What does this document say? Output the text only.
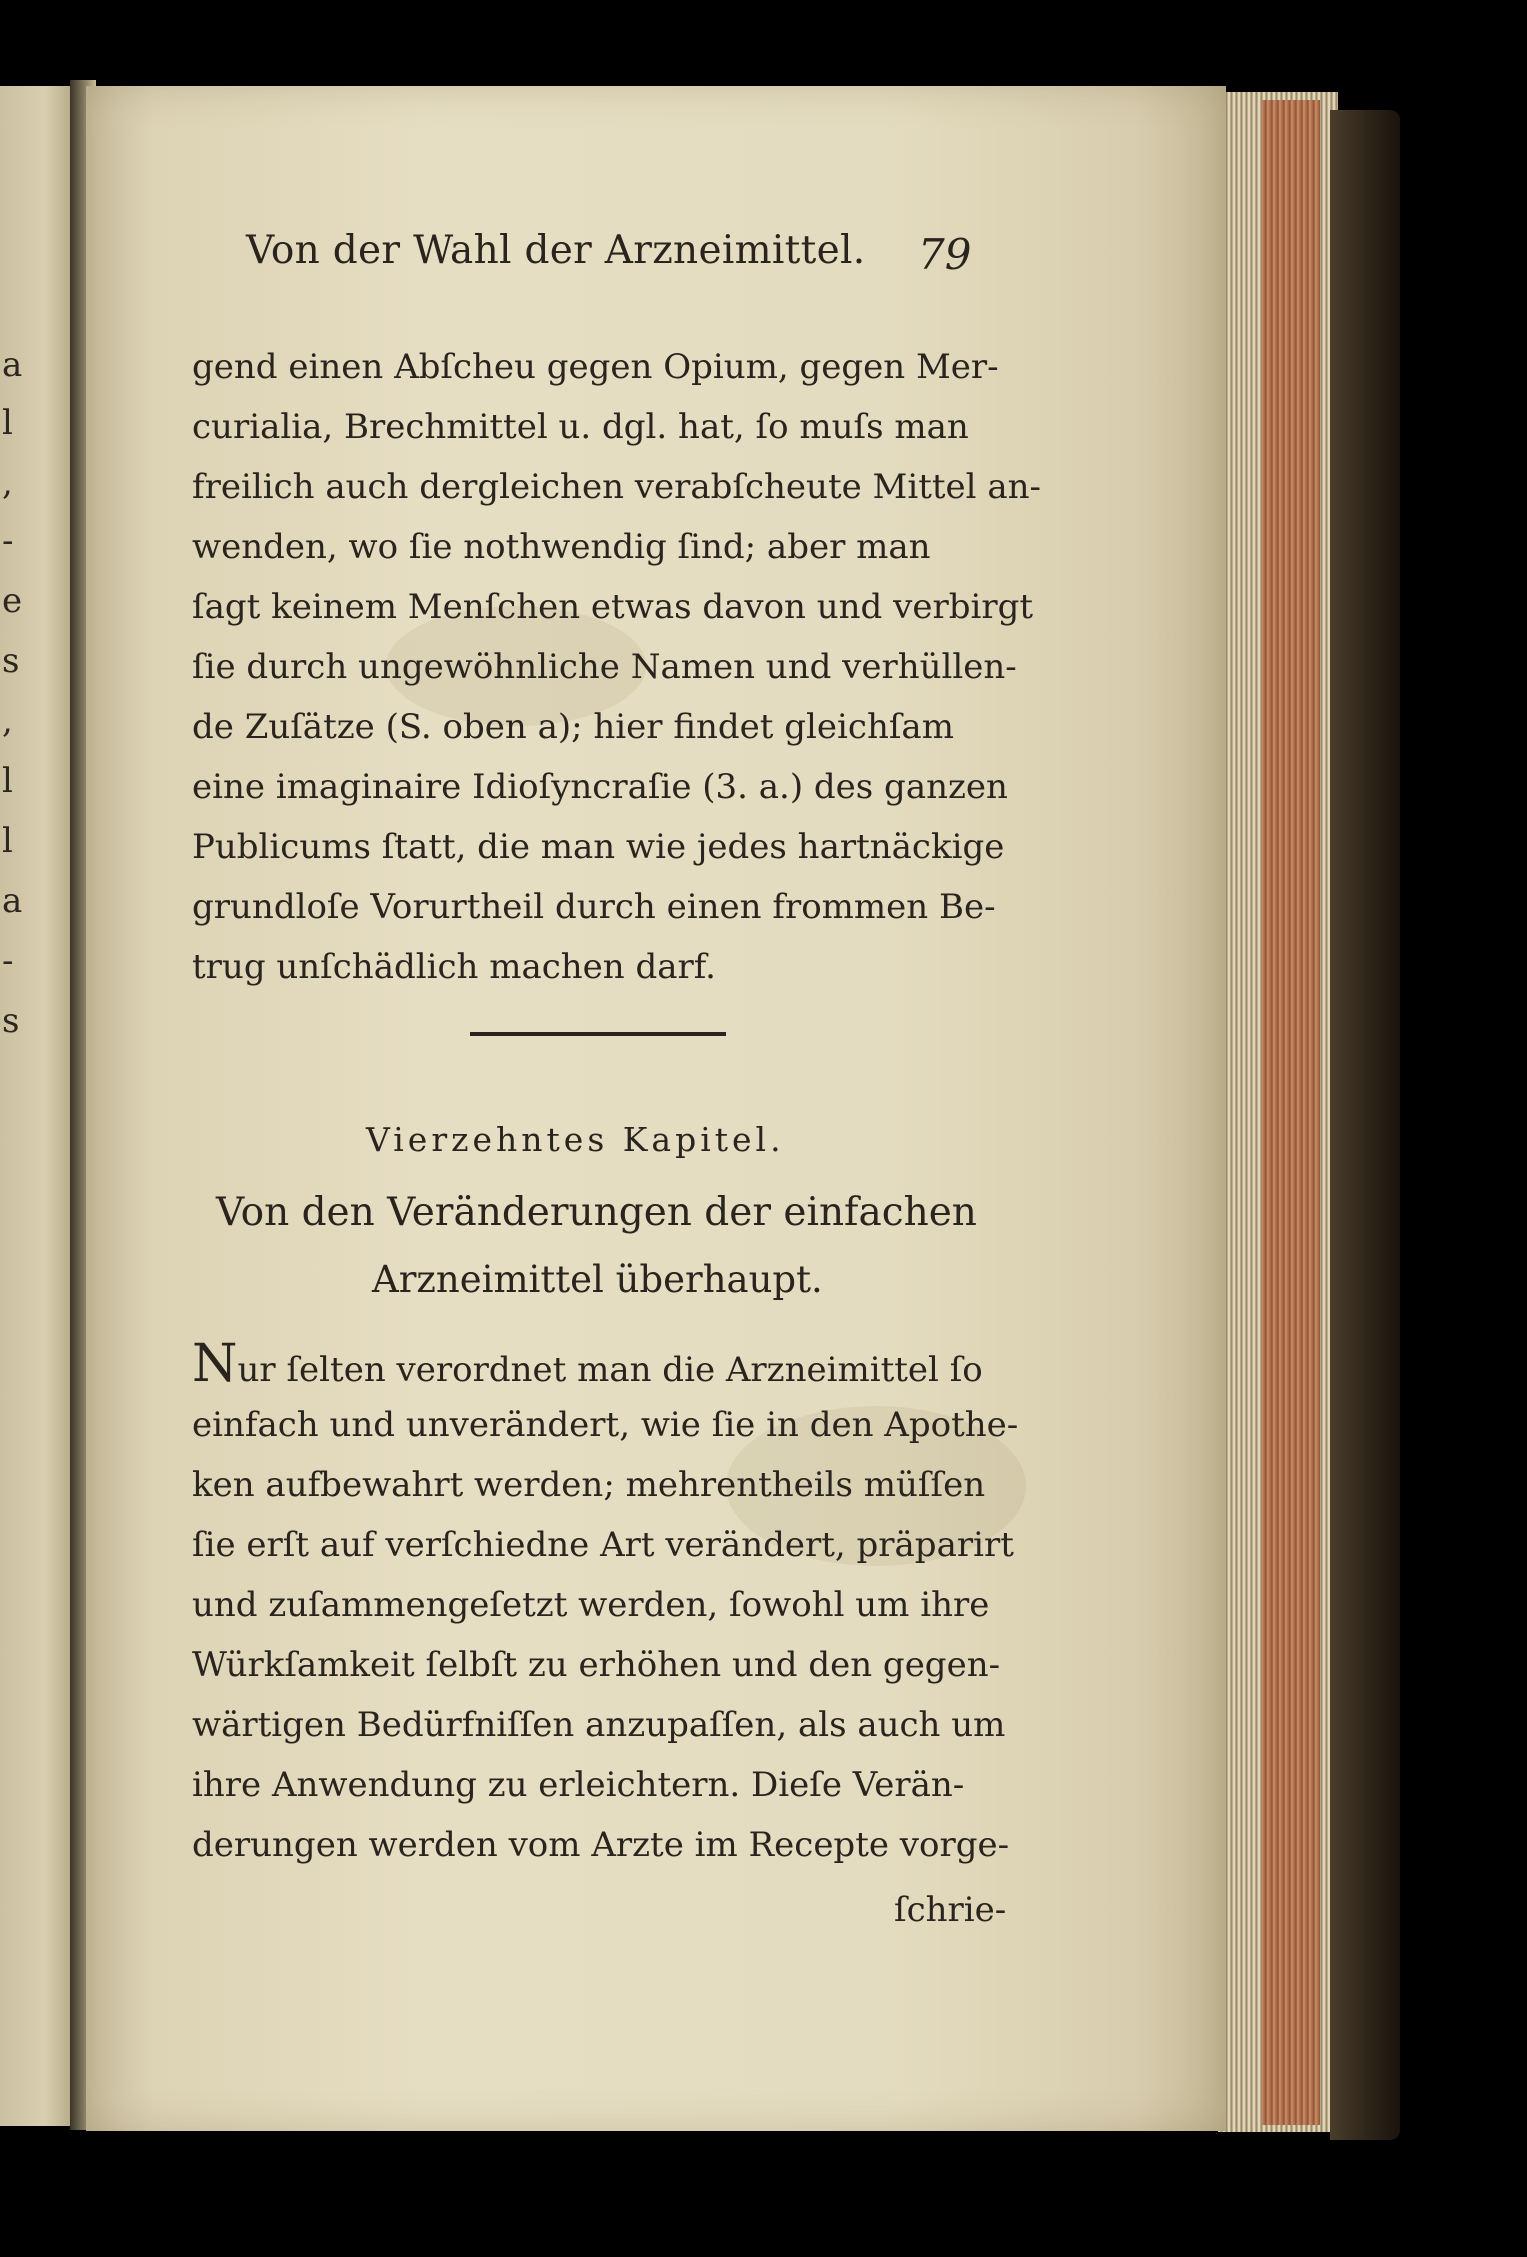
a
l
,
-
e
s
,
l
l
a
-
s
Von der Wahl der Arzneimittel.	79
gend einen Abſcheu gegen Opium, gegen Mer-
curialia, Brechmittel u. dgl. hat, ſo muſs man
freilich auch dergleichen verabſcheute Mittel an-
wenden, wo ſie nothwendig ſind; aber man
ſagt keinem Menſchen etwas davon und verbirgt
ſie durch ungewöhnliche Namen und verhüllen-
de Zuſätze (S. oben a); hier findet gleichſam
eine imaginaire Idioſyncraſie (3. a.) des ganzen
Publicums ſtatt, die man wie jedes hartnäckige
grundloſe Vorurtheil durch einen frommen Be-
trug unſchädlich machen darf.
Vierzehntes Kapitel.
Von den Veränderungen der einfachen
Arzneimittel überhaupt.
Nur ſelten verordnet man die Arzneimittel ſo
einfach und unverändert, wie ſie in den Apothe-
ken aufbewahrt werden; mehrentheils müſſen
ſie erſt auf verſchiedne Art verändert, präparirt
und zuſammengeſetzt werden, ſowohl um ihre
Würkſamkeit ſelbſt zu erhöhen und den gegen-
wärtigen Bedürfniſſen anzupaſſen, als auch um
ihre Anwendung zu erleichtern. Dieſe Verän-
derungen werden vom Arzte im Recepte vorge-
ſchrie-
